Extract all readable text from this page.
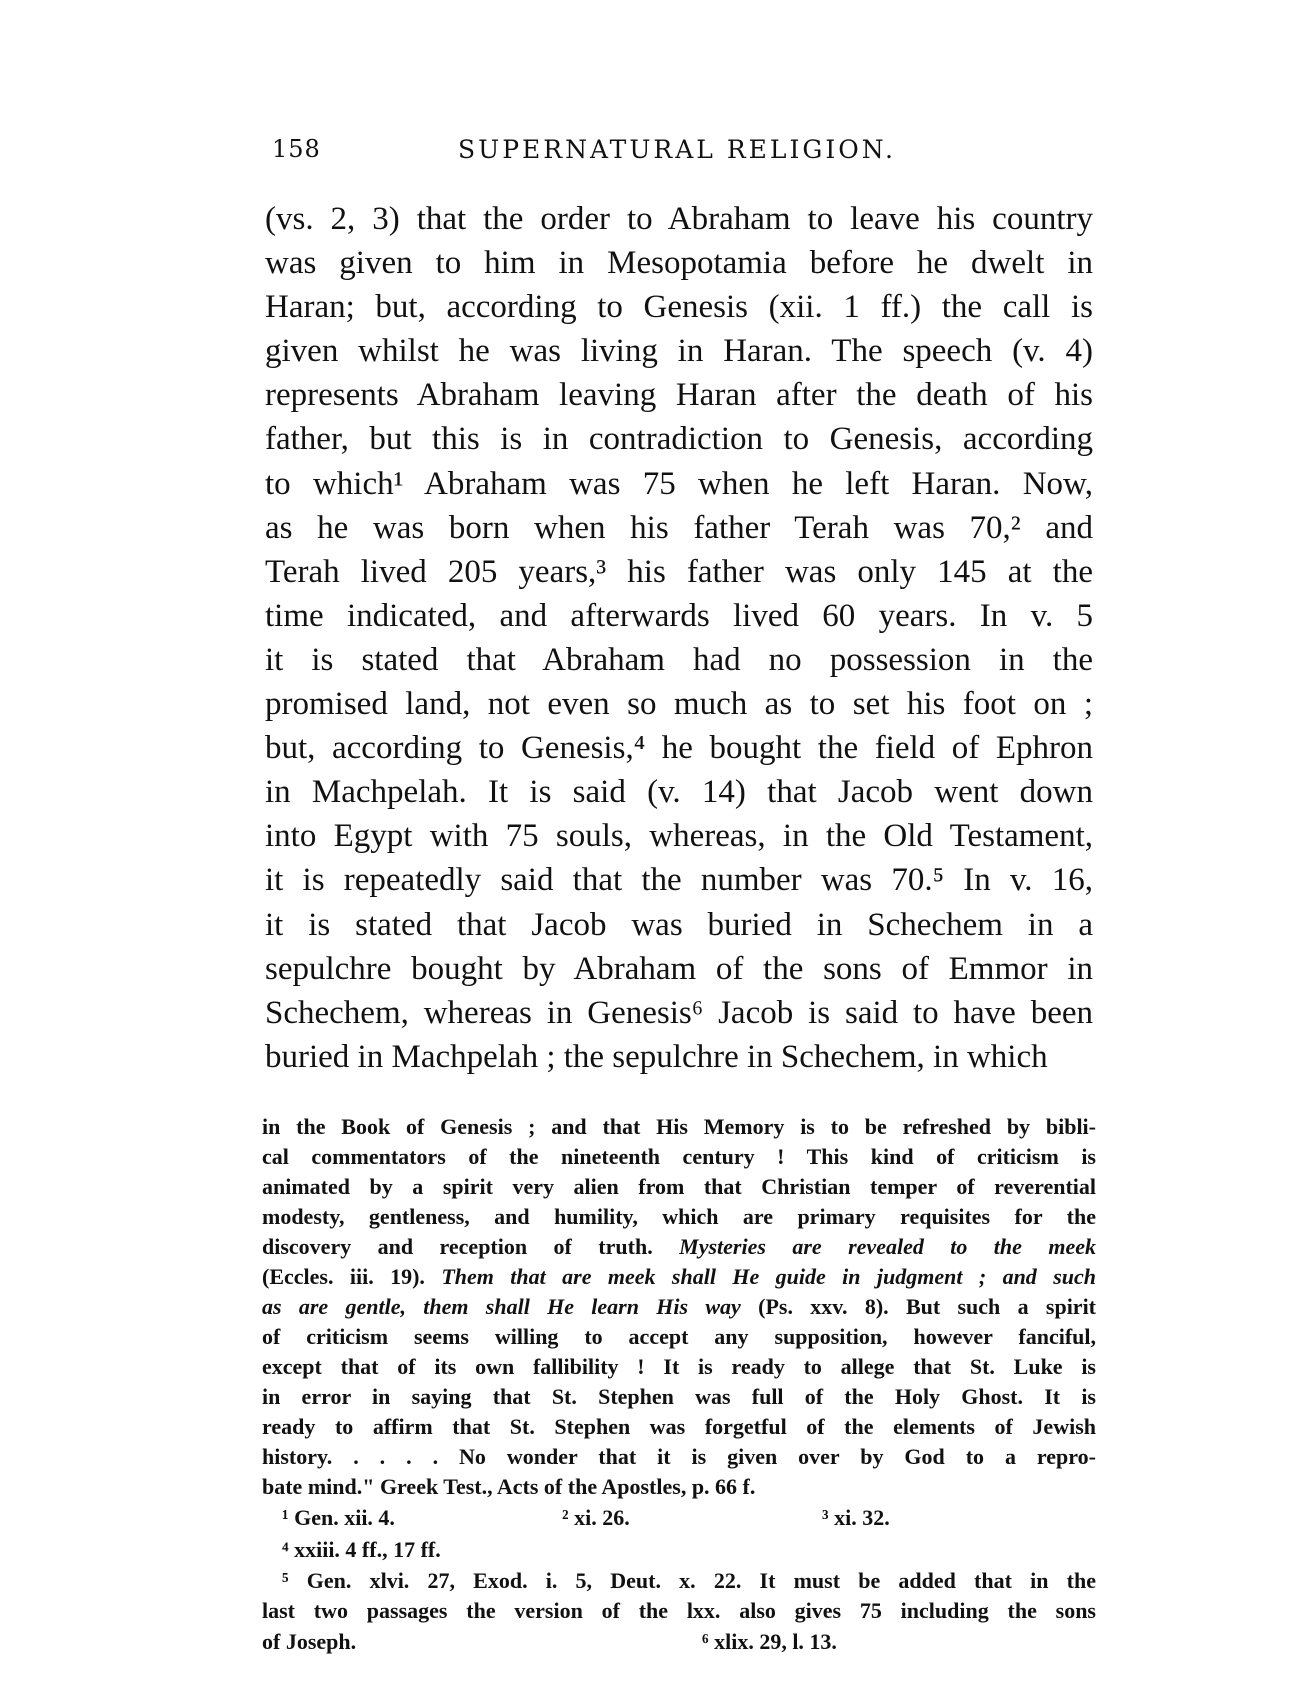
158	SUPERNATURAL RELIGION.
(vs. 2, 3) that the order to Abraham to leave his country
was given to him in Mesopotamia before he dwelt in
Haran; but, according to Genesis (xii. 1 ff.) the call is
given whilst he was living in Haran. The speech (v. 4)
represents Abraham leaving Haran after the death of his
father, but this is in contradiction to Genesis, according
to which¹ Abraham was 75 when he left Haran. Now,
as he was born when his father Terah was 70,² and
Terah lived 205 years,³ his father was only 145 at the
time indicated, and afterwards lived 60 years. In v. 5
it is stated that Abraham had no possession in the
promised land, not even so much as to set his foot on ;
but, according to Genesis,⁴ he bought the field of Ephron
in Machpelah. It is said (v. 14) that Jacob went down
into Egypt with 75 souls, whereas, in the Old Testament,
it is repeatedly said that the number was 70.⁵ In v. 16,
it is stated that Jacob was buried in Schechem in a
sepulchre bought by Abraham of the sons of Emmor in
Schechem, whereas in Genesis⁶ Jacob is said to have been
buried in Machpelah ; the sepulchre in Schechem, in which
in the Book of Genesis ; and that His Memory is to be refreshed by bibli-
cal commentators of the nineteenth century ! This kind of criticism is
animated by a spirit very alien from that Christian temper of reverential
modesty, gentleness, and humility, which are primary requisites for the
discovery and reception of truth. Mysteries are revealed to the meek
(Eccles. iii. 19). Them that are meek shall He guide in judgment ; and such
as are gentle, them shall He learn His way (Ps. xxv. 8). But such a spirit
of criticism seems willing to accept any supposition, however fanciful,
except that of its own fallibility ! It is ready to allege that St. Luke is
in error in saying that St. Stephen was full of the Holy Ghost. It is
ready to affirm that St. Stephen was forgetful of the elements of Jewish
history. . . . . No wonder that it is given over by God to a repro-
bate mind." Greek Test., Acts of the Apostles, p. 66 f.
¹ Gen. xii. 4.	² xi. 26.	³ xi. 32.
⁴ xxiii. 4 ff., 17 ff.
⁵ Gen. xlvi. 27, Exod. i. 5, Deut. x. 22. It must be added that in the
last two passages the version of the lxx. also gives 75 including the sons
of Joseph.	⁶ xlix. 29, l. 13.
